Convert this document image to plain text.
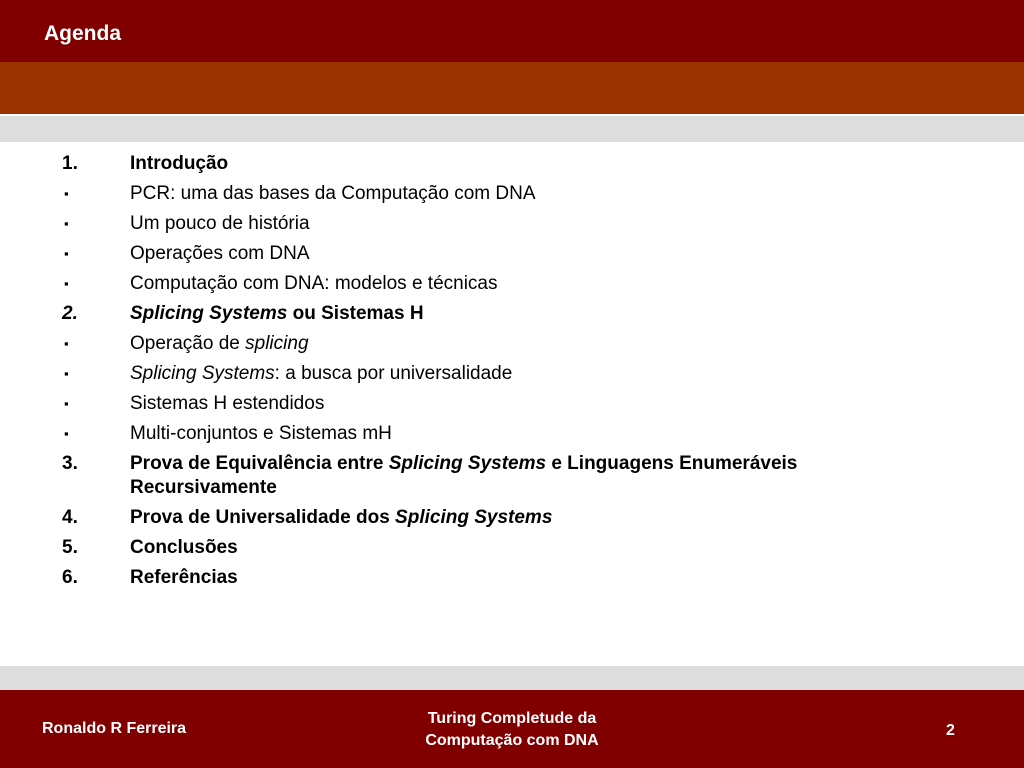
Agenda
1.	Introdução
▪	PCR: uma das bases da Computação com DNA
▪	Um pouco de história
▪	Operações com DNA
▪	Computação com DNA: modelos e técnicas
2.	Splicing Systems ou Sistemas H
▪	Operação de splicing
▪	Splicing Systems: a busca por universalidade
▪	Sistemas H estendidos
▪	Multi-conjuntos e Sistemas mH
3.	Prova de Equivalência entre Splicing Systems e Linguagens Enumeráveis Recursivamente
4.	Prova de Universalidade dos Splicing Systems
5.	Conclusões
6.	Referências
Ronaldo R Ferreira
Turing Completude da
Computação com DNA
2
